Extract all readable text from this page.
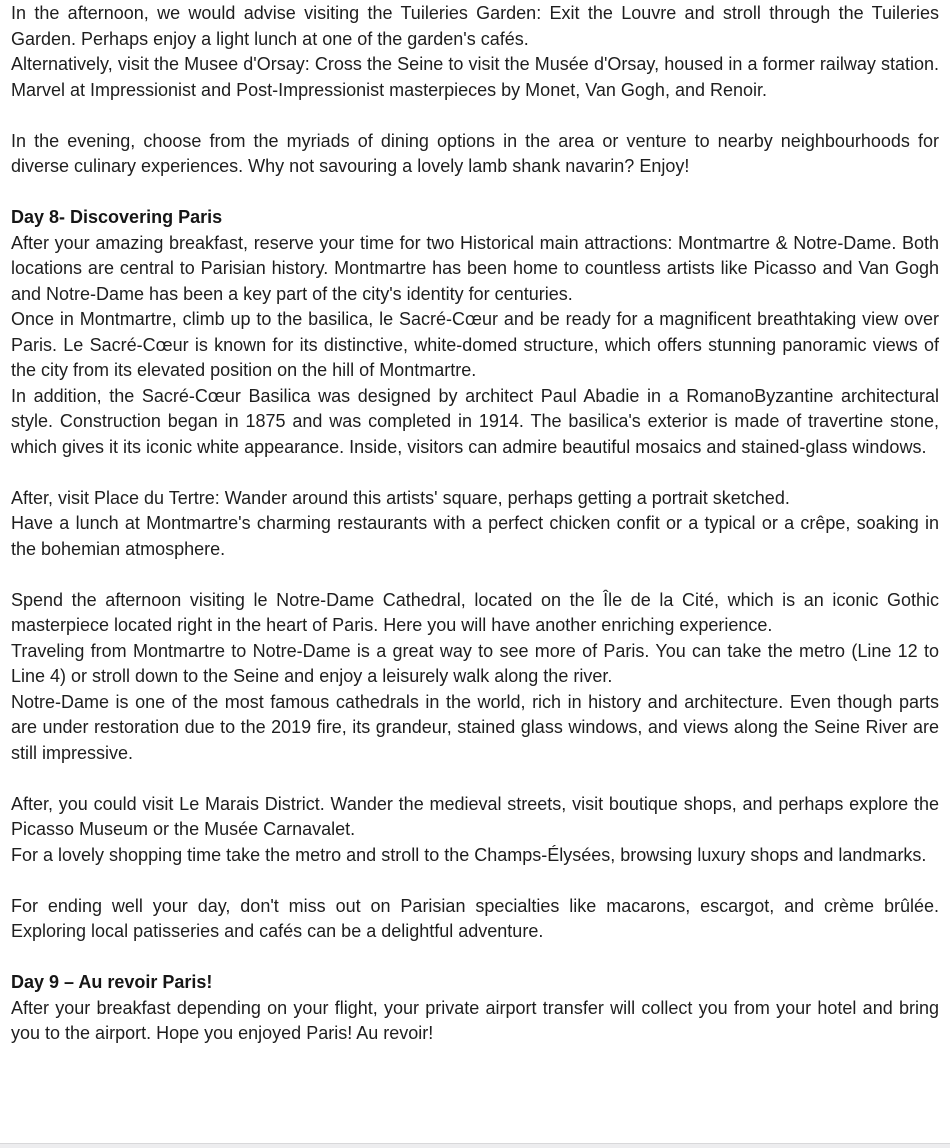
In the afternoon, we would advise visiting the Tuileries Garden: Exit the Louvre and stroll through the Tuileries Garden. Perhaps enjoy a light lunch at one of the garden's cafés.

Alternatively, visit the Musee d'Orsay: Cross the Seine to visit the Musée d'Orsay, housed in a former railway station. Marvel at Impressionist and Post-Impressionist masterpieces by Monet, Van Gogh, and Renoir.

In the evening, choose from the myriads of dining options in the area or venture to nearby neighbourhoods for diverse culinary experiences. Why not savouring a lovely lamb shank navarin? Enjoy!

Day 8- Discovering Paris

After your amazing breakfast, reserve your time for two Historical main attractions: Montmartre & Notre-Dame. Both locations are central to Parisian history. Montmartre has been home to countless artists like Picasso and Van Gogh and Notre-Dame has been a key part of the city's identity for centuries.

Once in Montmartre, climb up to the basilica, le Sacré-Cœur and be ready for a magnificent breathtaking view over Paris. Le Sacré-Cœur is known for its distinctive, white-domed structure, which offers stunning panoramic views of the city from its elevated position on the hill of Montmartre.

In addition, the Sacré-Cœur Basilica was designed by architect Paul Abadie in a RomanoByzantine architectural style. Construction began in 1875 and was completed in 1914. The basilica's exterior is made of travertine stone, which gives it its iconic white appearance. Inside, visitors can admire beautiful mosaics and stained-glass windows.

After, visit Place du Tertre: Wander around this artists' square, perhaps getting a portrait sketched.

Have a lunch at Montmartre's charming restaurants with a perfect chicken confit or a typical or a crêpe, soaking in the bohemian atmosphere.

Spend the afternoon visiting le Notre-Dame Cathedral, located on the Île de la Cité, which is an iconic Gothic masterpiece located right in the heart of Paris. Here you will have another enriching experience.

Traveling from Montmartre to Notre-Dame is a great way to see more of Paris. You can take the metro (Line 12 to Line 4) or stroll down to the Seine and enjoy a leisurely walk along the river.

Notre-Dame is one of the most famous cathedrals in the world, rich in history and architecture. Even though parts are under restoration due to the 2019 fire, its grandeur, stained glass windows, and views along the Seine River are still impressive.

After, you could visit Le Marais District. Wander the medieval streets, visit boutique shops, and perhaps explore the Picasso Museum or the Musée Carnavalet.

For a lovely shopping time take the metro and stroll to the Champs-Élysées, browsing luxury shops and landmarks.

For ending well your day, don't miss out on Parisian specialties like macarons, escargot, and crème brûlée. Exploring local patisseries and cafés can be a delightful adventure.

Day 9 – Au revoir Paris!

After your breakfast depending on your flight, your private airport transfer will collect you from your hotel and bring you to the airport. Hope you enjoyed Paris! Au revoir!
